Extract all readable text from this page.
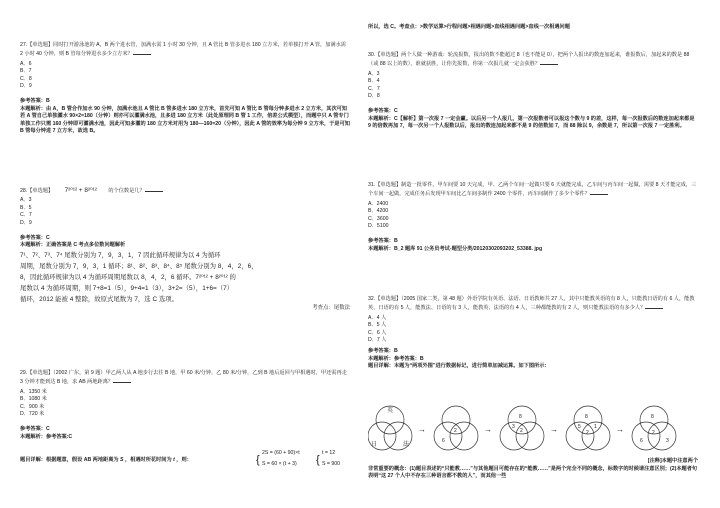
27.【单选题】同时打开游泳池的 A，B 两个进水管，加满水需 1 小时 30 分钟，且 A 管比 B 管多进水 180 立方米，若单独打开 A 管，加满水需 2 小时 40 分钟，则 B 管每分钟进水多少立方米？

A．6

B．7

C．8

D．9

参考答案：B

本题解析：由 A，B 管合作加水 90 分钟，加满水池且 A 管比 B 管多进水 180 立方米，首先可知 A 管比 B 管每分钟多进水 2 立方米，其次可知若 A 管自己单独灌水 90×2=180（分钟）则亦可以灌满水池，且多进 180 立方米（此处原理同 B 管 1 工作，倍差公式模型），而题中只 A 管专门单独工作只需 160 分钟即可灌满水池，因此可知多灌的 180 立方米对用为 180—160=20（分钟），因此 A 管的效率为每分钟 9 立方米，于是可知 B 管每分钟进 7 立方米，故选 B。

28.【单选题】 7²⁰¹² + 8²⁰¹² 的个位数是几？

A．3

B．5

C．7

D．9

参考答案：C

本题解析：正确答案是 C 考点多位数问题解析

7¹、7²、7³、7⁴ 尾数分别为 7，9，3，1，7 因此循环规律为以 4 为循环

周期，尾数分别为 7，9，3，1 循环；8¹、8²、8³、8⁴、8⁵ 尾数分别为 8，4，2，6，

8，因此循环规律为以 4 为循环周期尾数以 8，4，2，6 循环。7²⁰¹² + 8²⁰¹² 的

尾数以 4 为循环周期，则 7+8=1（5），9+4=1（3），3+2=（5），1+6=（7）

循环，2012 能被 4 整除，故原式尾数为 7，选 C 选项。

考查点：尾数法

29.【单选题】（2002 广东，第 9 题）甲乙两人从 A 地步行去往 B 地，甲 60 米/分钟，乙 80 米/分钟，乙到 B 地后返回与甲相遇时，甲还需再走 3 分钟才能到达 B 地，求 AB 两地距离？

A．1350 米

B．1080 米

C．900 米

D．720 米

参考答案：C

本题解析：参考答案:C

题目详解：根据题意，假设 AB 两地距离为 S ，相遇时所花时间为 t ，则：	{
2S = (60 + 90)×t
S = 60 × (t + 3) {
t = 12
S = 900

所以，选 C。考查点：>数学运算>行程问题>相遇问题>直线相遇问题>直线一次相遇问题

30.【单选题】两个人做一种游戏：轮流报数，报出的数不能超过 8（也不能是 0），把两个人报出的数连加起来，谁报数后，加起来的数是 88（或 88 以上的数），谁就获胜，让你先报数，你第一次报几就一定会获胜？

A．3

B．4

C．7

D．8

参考答案：C

本题解析：C【解析】第一次报 7 一定会赢。以后另一个人报几，第一次报数者可以报这个数与 9 的差，这样，每一次报数后的数连加起来都是 9 的倍数再加 7，每一次另一个人报数以后，报出的数连加起来都不是 9 的倍数加 7，而 88 除以 9，余数是 7，所以第一次报 7 一定胜利。

31.【单选题】制造一批零件，甲车间要 10 天完成，甲、乙两个车间一起做只要 6 天就能完成，乙车间与丙车间一起做，需要 8 天才能完成，三个车间一起做，完成任务后发现甲车间比乙车间多制作 2400 个零件，丙车间制作了多少个零件？

A．2400

B．4200

C．3600

D．5100

参考答案：B

本题解析：B_2 题库 91 公务员考试-题型分类/20120302093202_53388. jpg

32.【单选题】（2005 国家二类，第 48 题）外语学院有英语、法语、日语教师共 27 人，其中只能教英语的有 8 人，只能教日语的有 6 人，能教英、日语的有 5 人，能教法、日语的有 3 人，能教英、法语的有 4 人，三种都能教的有 2 人，则只能教法语的有多少人？

A．4 人

B．5 人

C．6 人

D．7 人

参考答案：B

本题解析：参考答案：B

题目详解：本题为“两项外围”进行数据标记，进行简单加减运算。如下图所示：

英
日	法
→
6
2	→
8
2
3	→
8
5	1
2	→
8
6	3
2

[注释]本题中注意两个

非常重要的概念：(1)题目表述的“只能教……”与其他题目可能存在的“能教……”是两个完全不同的概念，标数字的时候请注意区别；(2)本题者句表明“这 27 个人中不存在三种语言都不教的人”，而其他一些
